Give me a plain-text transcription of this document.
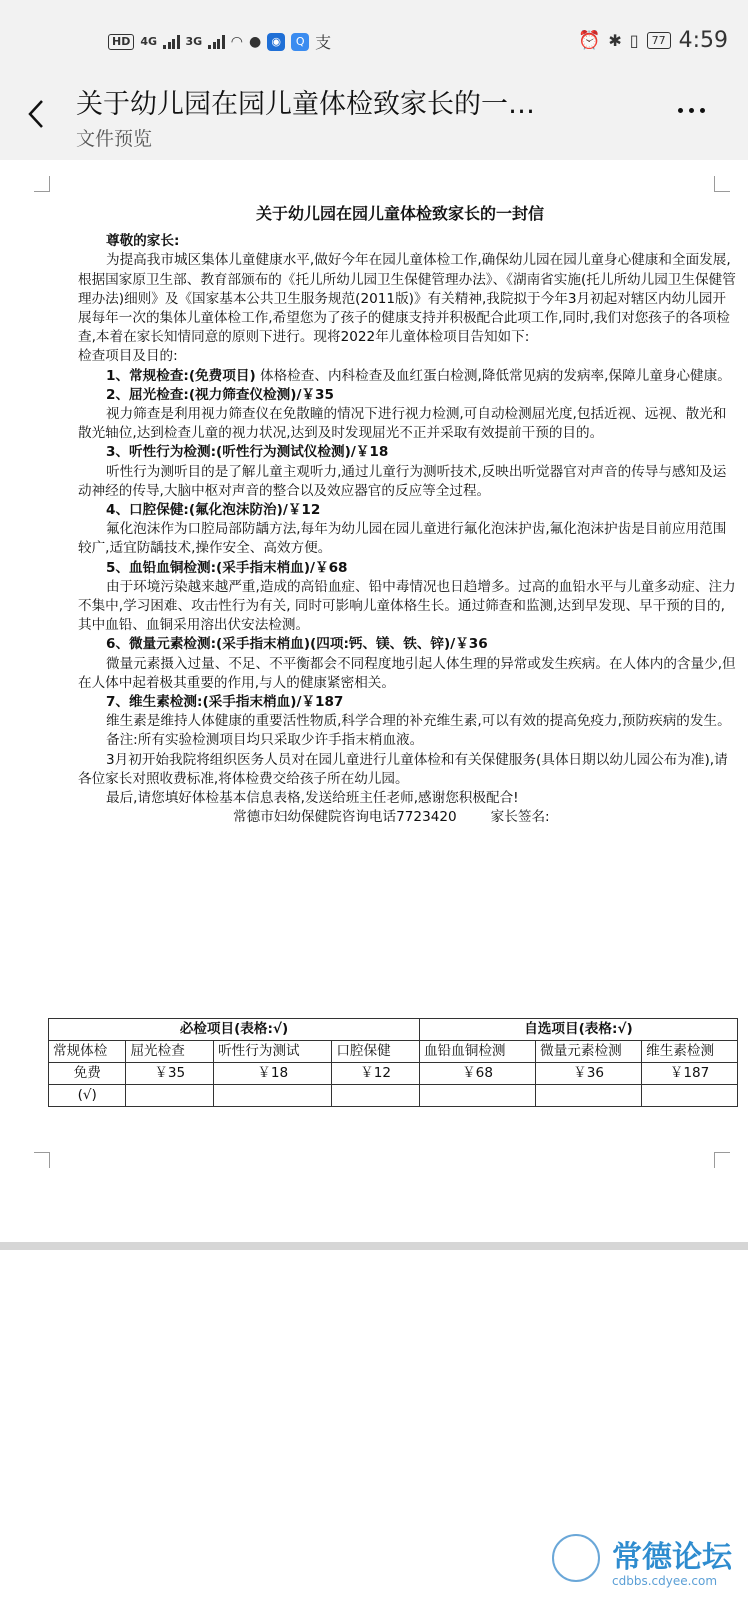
HD 4G	3G ◠ ● ◉	Q 支	⏰ ✱ ▯	77 4:59
关于幼儿园在园儿童体检致家长的一…
文件预览

关于幼儿园在园儿童体检致家长的一封信

尊敬的家长:

为提高我市城区集体儿童健康水平,做好今年在园儿童体检工作,确保幼儿园在园儿童身心健康和全面发展,根据国家原卫生部、教育部颁布的《托儿所幼儿园卫生保健管理办法》、《湖南省实施(托儿所幼儿园卫生保健管理办法)细则》及《国家基本公共卫生服务规范(2011版)》有关精神,我院拟于今年3月初起对辖区内幼儿园开展每年一次的集体儿童体检工作,希望您为了孩子的健康支持并积极配合此项工作,同时,我们对您孩子的各项检查,本着在家长知情同意的原则下进行。现将2022年儿童体检项目告知如下:

检查项目及目的:

1、常规检查:(免费项目) 体格检查、内科检查及血红蛋白检测,降低常见病的发病率,保障儿童身心健康。

2、屈光检查:(视力筛查仪检测)/￥35

视力筛查是利用视力筛查仪在免散瞳的情况下进行视力检测,可自动检测屈光度,包括近视、远视、散光和散光轴位,达到检查儿童的视力状况,达到及时发现屈光不正并采取有效提前干预的目的。

3、听性行为检测:(听性行为测试仪检测)/￥18

听性行为测听目的是了解儿童主观听力,通过儿童行为测听技术,反映出听觉器官对声音的传导与感知及运动神经的传导,大脑中枢对声音的整合以及效应器官的反应等全过程。

4、口腔保健:(氟化泡沫防治)/￥12

氟化泡沫作为口腔局部防龋方法,每年为幼儿园在园儿童进行氟化泡沫护齿,氟化泡沫护齿是目前应用范围较广,适宜防龋技术,操作安全、高效方便。

5、血铅血铜检测:(采手指末梢血)/￥68

由于环境污染越来越严重,造成的高铅血症、铅中毒情况也日趋增多。过高的血铅水平与儿童多动症、注力不集中,学习困难、攻击性行为有关, 同时可影响儿童体格生长。通过筛查和监测,达到早发现、早干预的目的,其中血铅、血铜采用溶出伏安法检测。

6、微量元素检测:(采手指末梢血)(四项:钙、镁、铁、锌)/￥36

微量元素摄入过量、不足、不平衡都会不同程度地引起人体生理的异常或发生疾病。在人体内的含量少,但在人体中起着极其重要的作用,与人的健康紧密相关。

7、维生素检测:(采手指末梢血)/￥187

维生素是维持人体健康的重要活性物质,科学合理的补充维生素,可以有效的提高免疫力,预防疾病的发生。

备注:所有实验检测项目均只采取少许手指末梢血液。

3月初开始我院将组织医务人员对在园儿童进行儿童体检和有关保健服务(具体日期以幼儿园公布为准),请各位家长对照收费标准,将体检费交给孩子所在幼儿园。

最后,请您填好体检基本信息表格,发送给班主任老师,感谢您积极配合!

常德市妇幼保健院咨询电话7723420	家长签名:

必检项目(表格:√)				自选项目(表格:√)		
常规体检	屈光检查	听性行为测试	口腔保健	血铅血铜检测	微量元素检测	维生素检测
免费	￥35	￥18	￥12	￥68	￥36	￥187
(√)						
常德论坛
cdbbs.cdyee.com
